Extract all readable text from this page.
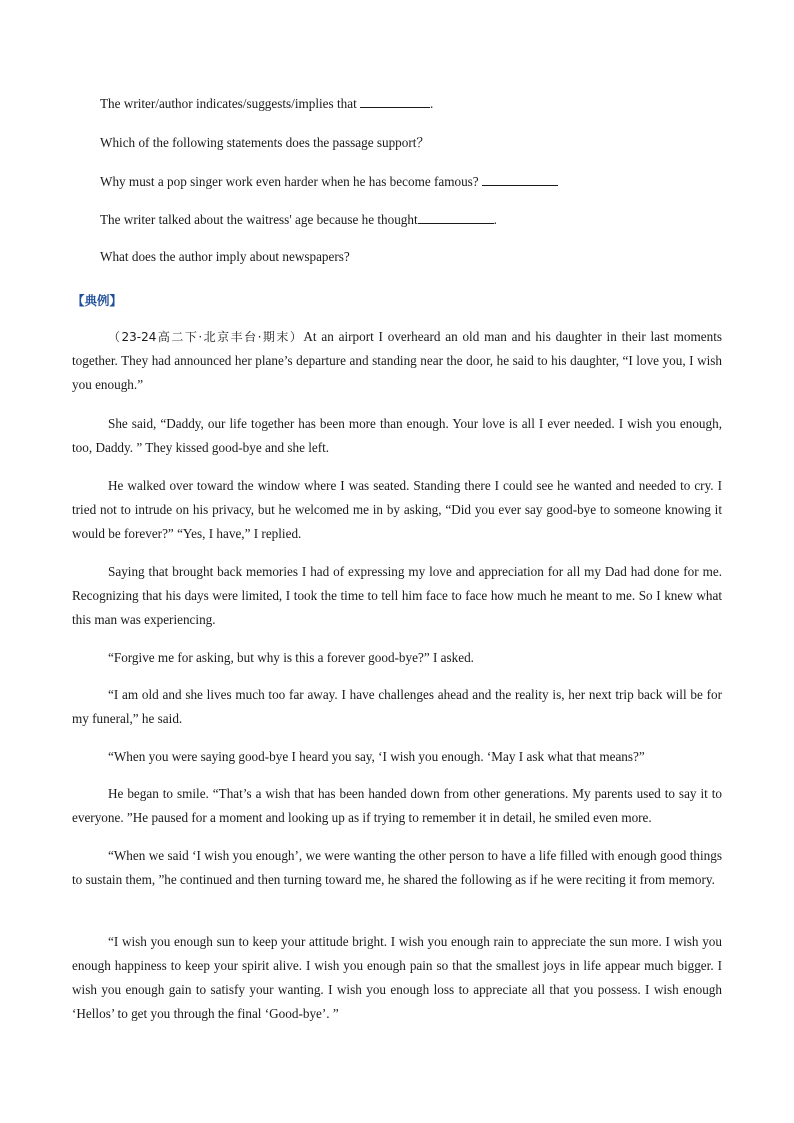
The writer/author indicates/suggests/implies that	.
Which of the following statements does the passage support？
Why must a pop singer work even harder when he has become famous?
The writer talked about the waitress' age because he thought	.
What does the author imply about newspapers?
【典例】

（23-24高二下·北京丰台·期末）At an airport I overheard an old man and his daughter in their last moments together. They had announced her plane’s departure and standing near the door, he said to his daughter, “I love you, I wish you enough.”

She said, “Daddy, our life together has been more than enough. Your love is all I ever needed. I wish you enough, too, Daddy. ” They kissed good-bye and she left.

He walked over toward the window where I was seated. Standing there I could see he wanted and needed to cry. I tried not to intrude on his privacy, but he welcomed me in by asking, “Did you ever say good-bye to someone knowing it would be forever?” “Yes, I have,” I replied.

Saying that brought back memories I had of expressing my love and appreciation for all my Dad had done for me. Recognizing that his days were limited, I took the time to tell him face to face how much he meant to me. So I knew what this man was experiencing.

“Forgive me for asking, but why is this a forever good-bye?” I asked.

“I am old and she lives much too far away. I have challenges ahead and the reality is, her next trip back will be for my funeral,” he said.

“When you were saying good-bye I heard you say, ‘I wish you enough. ‘May I ask what that means?”

He began to smile. “That’s a wish that has been handed down from other generations. My parents used to say it to everyone. ”He paused for a moment and looking up as if trying to remember it in detail, he smiled even more.

“When we said ‘I wish you enough’, we were wanting the other person to have a life filled with enough good things to sustain them, ”he continued and then turning toward me, he shared the following as if he were reciting it from memory.

“I wish you enough sun to keep your attitude bright. I wish you enough rain to appreciate the sun more. I wish you enough happiness to keep your spirit alive. I wish you enough pain so that the smallest joys in life appear much bigger. I wish you enough gain to satisfy your wanting. I wish you enough loss to appreciate all that you possess. I wish enough ‘Hellos’ to get you through the final ‘Good-bye’. ”
